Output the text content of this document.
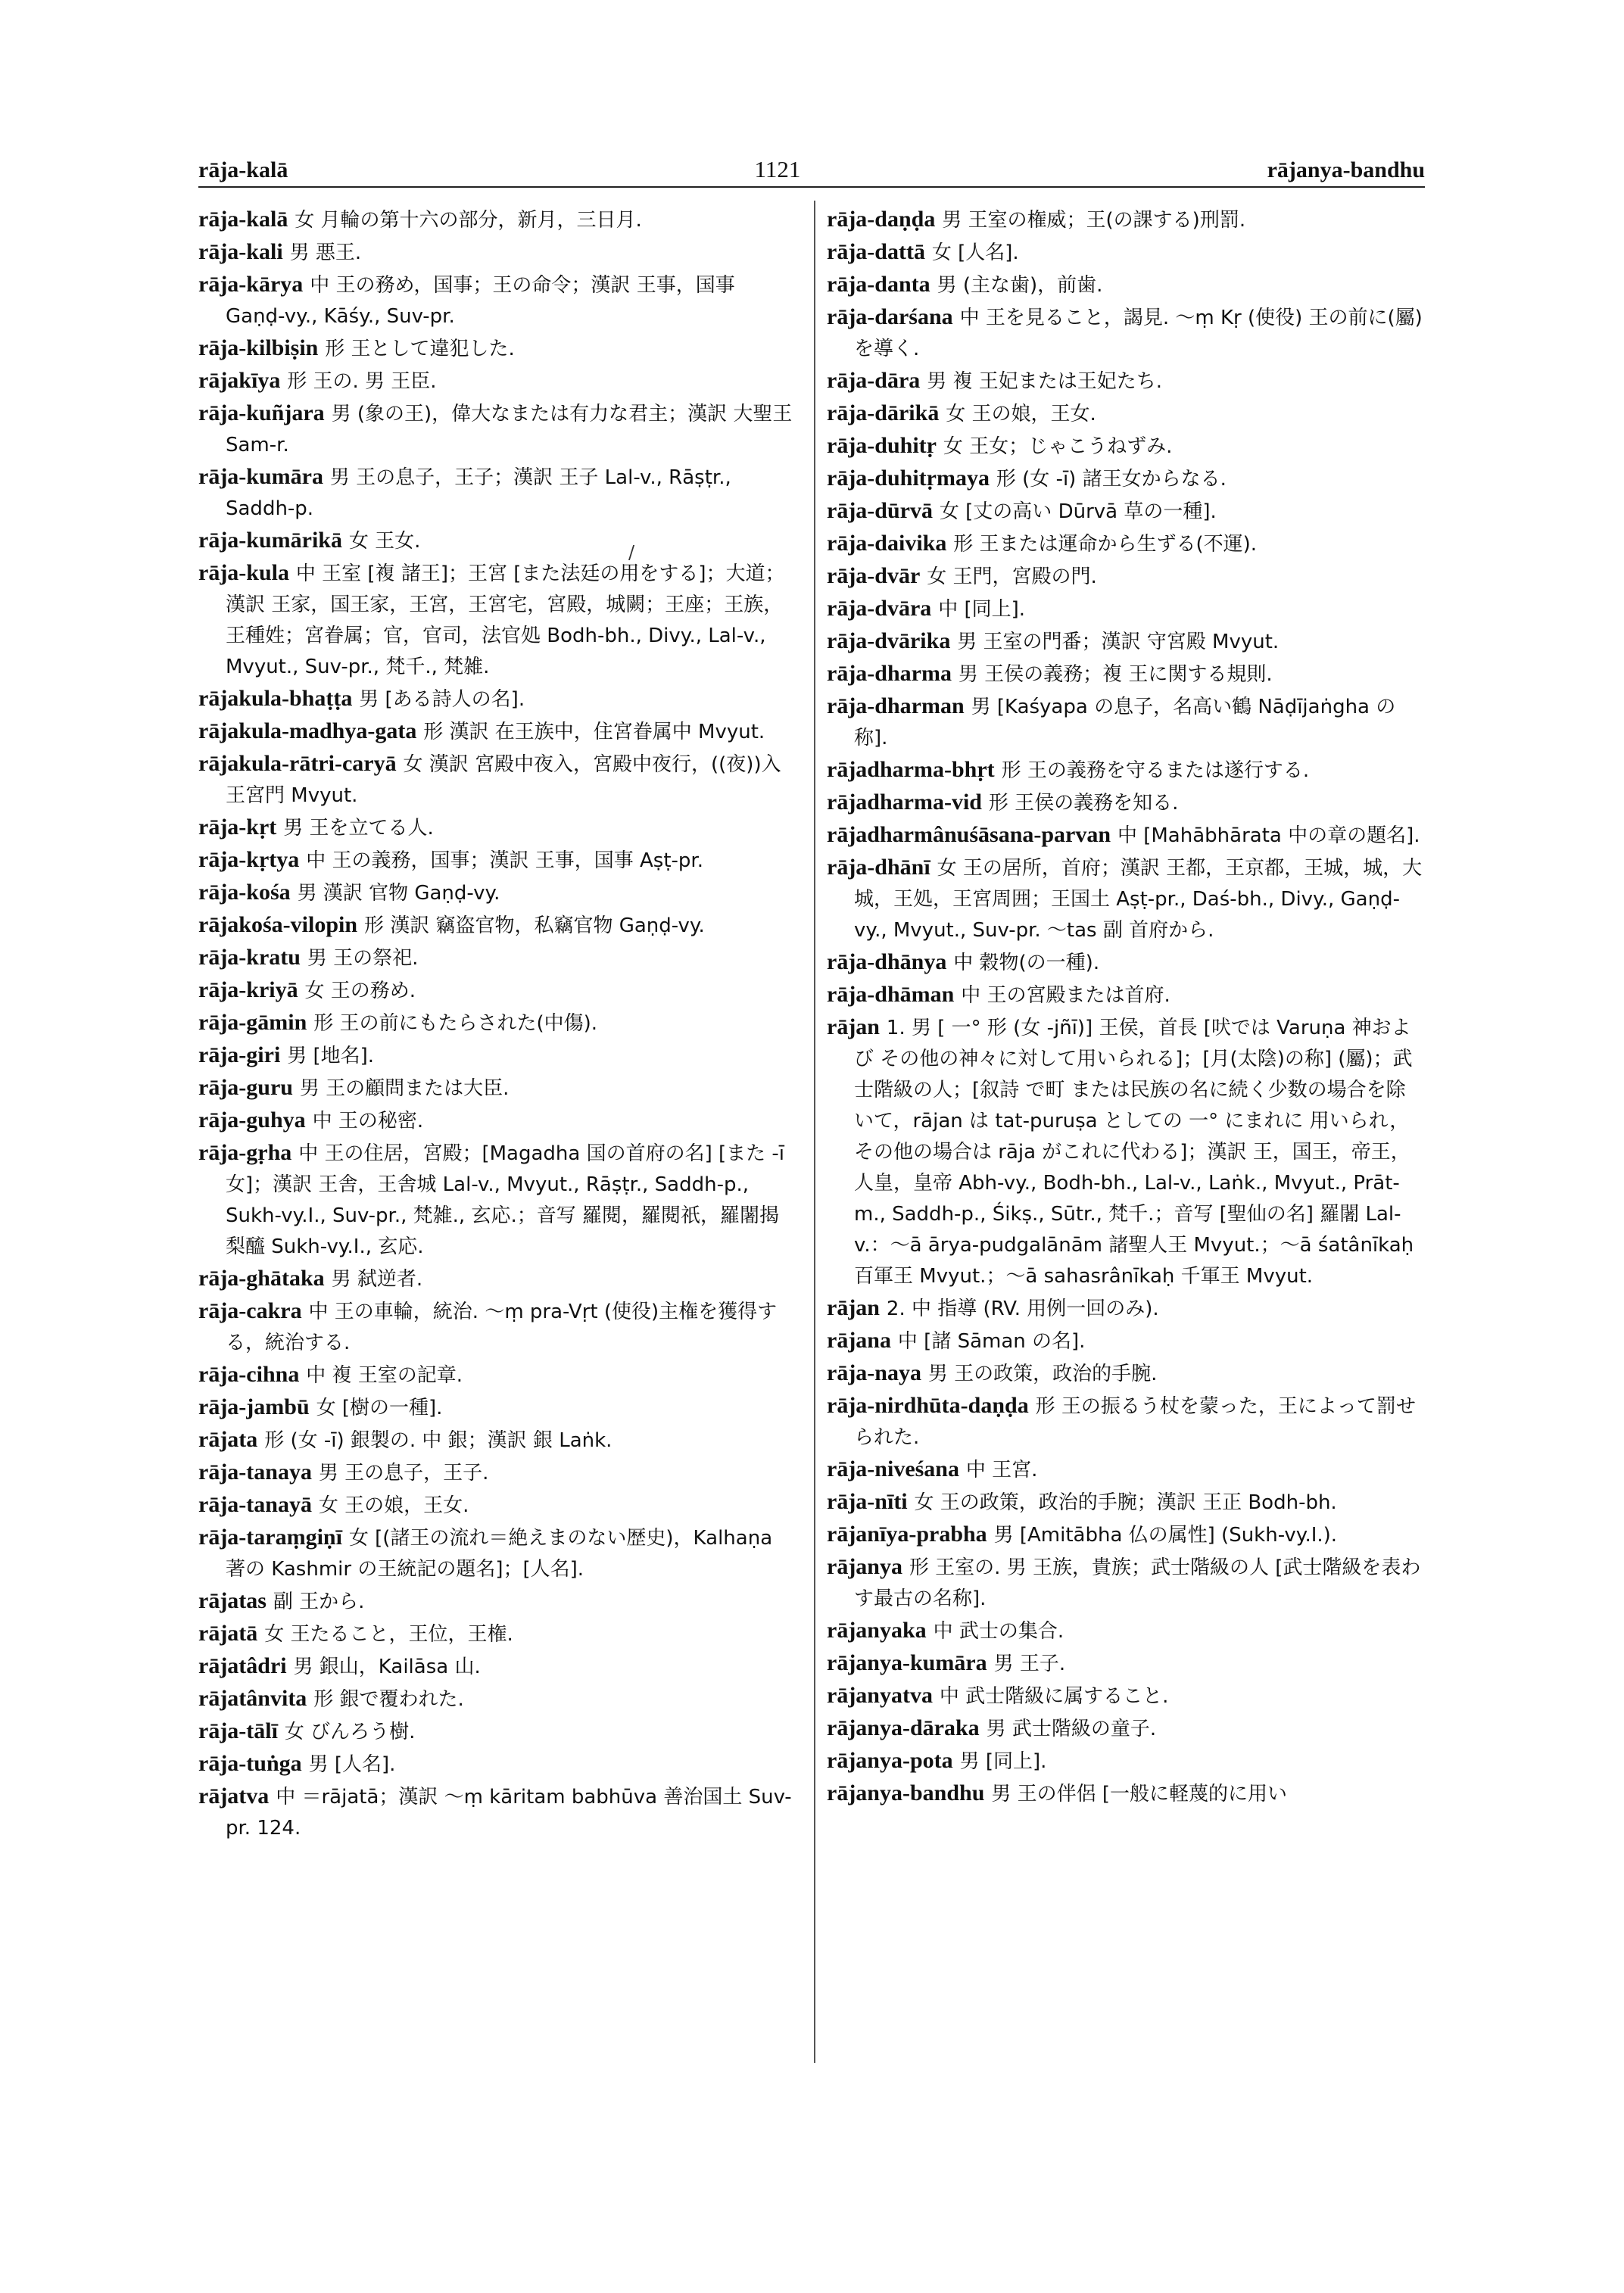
rāja-kalā	1121	rājanya-bandhu
/
rāja-kalā 女 月輪の第十六の部分，新月，三日月.
rāja-kali 男 悪王.
rāja-kārya 中 王の務め，国事；王の命令；漢訳 王事，国事 Gaṇḍ-vy., Kāśy., Suv-pr.
rāja-kilbiṣin 形 王として違犯した.
rājakīya 形 王の. 男 王臣.
rāja-kuñjara 男 (象の王)，偉大なまたは有力な君主；漢訳 大聖王 Sam-r.
rāja-kumāra 男 王の息子，王子；漢訳 王子 Lal-v., Rāṣṭr., Saddh-p.
rāja-kumārikā 女 王女.
rāja-kula 中 王室 [複 諸王]；王宮 [また法廷の用をする]；大道；漢訳 王家，国王家，王宮，王宮宅，宮殿，城闕；王座；王族，王種姓；宮眷属；官，官司，法官処 Bodh-bh., Divy., Lal-v., Mvyut., Suv-pr., 梵千., 梵雑.
rājakula-bhaṭṭa 男 [ある詩人の名].
rājakula-madhya-gata 形 漢訳 在王族中，住宮眷属中 Mvyut.
rājakula-rātri-caryā 女 漢訳 宮殿中夜入，宮殿中夜行，((夜))入王宮門 Mvyut.
rāja-kṛt 男 王を立てる人.
rāja-kṛtya 中 王の義務，国事；漢訳 王事，国事 Aṣṭ-pr.
rāja-kośa 男 漢訳 官物 Gaṇḍ-vy.
rājakośa-vilopin 形 漢訳 竊盗官物，私竊官物 Gaṇḍ-vy.
rāja-kratu 男 王の祭祀.
rāja-kriyā 女 王の務め.
rāja-gāmin 形 王の前にもたらされた(中傷).
rāja-giri 男 [地名].
rāja-guru 男 王の顧問または大臣.
rāja-guhya 中 王の秘密.
rāja-gṛha 中 王の住居，宮殿；[Magadha 国の首府の名] [また -ī 女]；漢訳 王舎，王舎城 Lal-v., Mvyut., Rāṣṭr., Saddh-p., Sukh-vy.I., Suv-pr., 梵雑., 玄応.；音写 羅閱，羅閱祇，羅闍揭梨醯 Sukh-vy.I., 玄応.
rāja-ghātaka 男 弑逆者.
rāja-cakra 中 王の車輪，統治. ～ṃ pra-Vṛt (使役)主権を獲得する，統治する.
rāja-cihna 中 複 王室の記章.
rāja-jambū 女 [樹の一種].
rājata 形 (女 -ī) 銀製の. 中 銀；漢訳 銀 Laṅk.
rāja-tanaya 男 王の息子，王子.
rāja-tanayā 女 王の娘，王女.
rāja-taraṃgiṇī 女 [(諸王の流れ＝絶えまのない歴史)，Kalhaṇa 著の Kashmir の王統記の題名]；[人名].
rājatas 副 王から.
rājatā 女 王たること，王位，王権.
rājatâdri 男 銀山，Kailāsa 山.
rājatânvita 形 銀で覆われた.
rāja-tālī 女 びんろう樹.
rāja-tuṅga 男 [人名].
rājatva 中 ＝rājatā；漢訳 ～ṃ kāritam babhūva 善治国土 Suv-pr. 124.
rāja-daṇḍa 男 王室の権威；王(の課する)刑罰.
rāja-dattā 女 [人名].
rāja-danta 男 (主な歯)，前歯.
rāja-darśana 中 王を見ること，謁見. ～ṃ Kṛ (使役) 王の前に(屬)を導く.
rāja-dāra 男 複 王妃または王妃たち.
rāja-dārikā 女 王の娘，王女.
rāja-duhitṛ 女 王女；じゃこうねずみ.
rāja-duhitṛmaya 形 (女 -ī) 諸王女からなる.
rāja-dūrvā 女 [丈の高い Dūrvā 草の一種].
rāja-daivika 形 王または運命から生ずる(不運).
rāja-dvār 女 王門，宮殿の門.
rāja-dvāra 中 [同上].
rāja-dvārika 男 王室の門番；漢訳 守宮殿 Mvyut.
rāja-dharma 男 王侯の義務；複 王に関する規則.
rāja-dharman 男 [Kaśyapa の息子，名高い鶴 Nāḍījaṅgha の称].
rājadharma-bhṛt 形 王の義務を守るまたは遂行する.
rājadharma-vid 形 王侯の義務を知る.
rājadharmânuśāsana-parvan 中 [Mahābhārata 中の章の題名].
rāja-dhānī 女 王の居所，首府；漢訳 王都，王京都，王城，城，大城，王処，王宮周囲；王国土 Aṣṭ-pr., Daś-bh., Divy., Gaṇḍ-vy., Mvyut., Suv-pr. ～tas 副 首府から.
rāja-dhānya 中 穀物(の一種).
rāja-dhāman 中 王の宮殿または首府.
rājan 1. 男 [ 一° 形 (女 -jñī)] 王侯，首長 [吠では Varuṇa 神および その他の神々に対して用いられる]；[月(太陰)の称] (屬)；武士階級の人；[叙詩 で町 または民族の名に続く少数の場合を除いて，rājan は tat-puruṣa としての 一° にまれに 用いられ，その他の場合は rāja がこれに代わる]；漢訳 王，国王，帝王，人皇，皇帝 Abh-vy., Bodh-bh., Lal-v., Laṅk., Mvyut., Prāt-m., Saddh-p., Śikṣ., Sūtr., 梵千.；音写 [聖仙の名] 羅闍 Lal-v.：～ā ārya-pudgalānām 諸聖人王 Mvyut.；～ā śatânīkaḥ 百軍王 Mvyut.；～ā sahasrânīkaḥ 千軍王 Mvyut.
rājan 2. 中 指導 (RV. 用例一回のみ).
rājana 中 [諸 Sāman の名].
rāja-naya 男 王の政策，政治的手腕.
rāja-nirdhūta-daṇḍa 形 王の振るう杖を蒙った，王によって罰せられた.
rāja-niveśana 中 王宮.
rāja-nīti 女 王の政策，政治的手腕；漢訳 王正 Bodh-bh.
rājanīya-prabha 男 [Amitābha 仏の属性] (Sukh-vy.I.).
rājanya 形 王室の. 男 王族，貴族；武士階級の人 [武士階級を表わす最古の名称].
rājanyaka 中 武士の集合.
rājanya-kumāra 男 王子.
rājanyatva 中 武士階級に属すること.
rājanya-dāraka 男 武士階級の童子.
rājanya-pota 男 [同上].
rājanya-bandhu 男 王の伴侶 [一般に軽蔑的に用い
